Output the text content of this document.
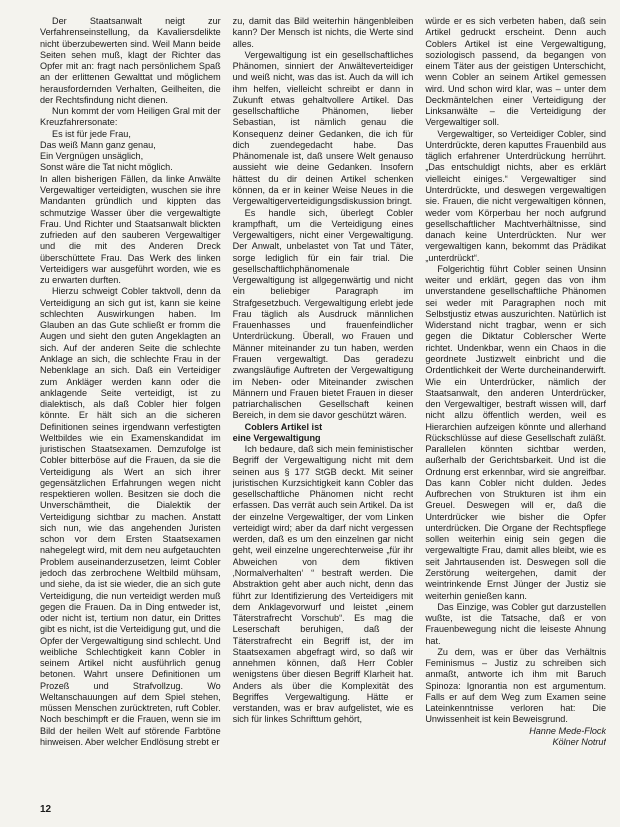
Der Staatsanwalt neigt zur Verfahrenseinstellung, da Kavaliersdelikte nicht überzubewerten sind. Weil Mann beide Seiten sehen muß, klagt der Richter das Opfer mit an: fragt nach persönlichem Spaß an der erlittenen Gewalttat und möglichem herausfordernden Verhalten, Geilheiten, die der Rechtsfindung nicht dienen.

Nun kommt der vom Heiligen Gral mit der Kreuzfahrersonate:

Es ist für jede Frau,
Das weiß Mann ganz genau,
Ein Vergnügen unsäglich,
Sonst wäre die Tat nicht möglich.

In allen bisherigen Fällen, da linke Anwälte Vergewaltiger verteidigten, wuschen sie ihre Mandanten gründlich und kippten das schmutzige Wasser über die vergewaltigte Frau. Und Richter und Staatsanwalt blickten zufrieden auf den sauberen Vergewaltiger und die mit des Anderen Dreck überschüttete Frau. Das Werk des linken Verteidigers war ausgeführt worden, wie es zu erwarten durften.

Hierzu schweigt Cobler taktvoll, denn da Verteidigung an sich gut ist, kann sie keine schlechten Auswirkungen haben. Im Glauben an das Gute schließt er fromm die Augen und sieht den guten Angeklagten an sich. Auf der anderen Seite die schlechte Anklage an sich, die schlechte Frau in der Nebenklage an sich. Daß ein Verteidiger zum Ankläger werden kann oder die anklagende Seite verteidigt, ist zu dialektisch, als daß Cobler hier folgen könnte. Er hält sich an die sicheren Definitionen seines irgendwann verfestigten Weltbildes wie ein Examenskandidat im juristischen Staatsexamen. Demzufolge ist Cobler bitterböse auf die Frauen, da sie die Verteidigung als Wert an sich ihrer gegensätzlichen Erfahrungen wegen nicht respektieren wollen. Besitzen sie doch die Unverschämtheit, die Dialektik der Verteidigung sichtbar zu machen. Anstatt sich nun, wie das angehenden Juristen schon vor dem Ersten Staatsexamen nahegelegt wird, mit dem neu aufgetauchten Problem auseinanderzusetzen, leimt Cobler jedoch das zerbrochene Weltbild mühsam, und siehe, da ist sie wieder, die an sich gute Verteidigung, die nun verteidigt werden muß gegen die Frauen. Da in Ding entweder ist, oder nicht ist, tertium non datur, ein Drittes gibt es nicht, ist die Verteidigung gut, und die Opfer der Vergewaltigung sind schlecht. Und weibliche Schlechtigkeit kann Cobler in seinem Artikel nicht ausführlich genug betonen. Wahrt unsere Definitionen um Prozeß und Strafvollzug. Wo Weltanschauungen auf dem Spiel stehen, müssen Menschen zurücktreten, ruft Cobler. Noch beschimpft er die Frauen, wenn sie im Bild der heilen Welt auf störende Farbtöne hinweisen. Aber welcher Endlösung strebt er

zu, damit das Bild weiterhin hängenbleiben kann? Der Mensch ist nichts, die Werte sind alles.

Vergewaltigung ist ein gesellschaftliches Phänomen, sinniert der Anwälteverteidiger und weiß nicht, was das ist. Auch da will ich ihm helfen, vielleicht schreibt er dann in Zukunft etwas gehaltvollere Artikel. Das gesellschaftliche Phänomen, lieber Sebastian, ist nämlich genau die Konsequenz deiner Gedanken, die ich für dich zuendegedacht habe. Das Phänomenale ist, daß unsere Welt genauso aussieht wie deine Gedanken. Insofern hättest du dir deinen Artikel schenken können, da er in keiner Weise Neues in die Vergewaltigerverteidigungsdiskussion bringt.

Es handle sich, überlegt Cobler krampfhaft, um die Verteidigung eines Vergewaltigers, nicht einer Vergewaltigung. Der Anwalt, unbelastet von Tat und Täter, sorge lediglich für ein fair trial. Die gesellschaftlichphänomenale Vergewaltigung ist allgegenwärtig und nicht ein beliebiger Paragraph im Strafgesetzbuch. Vergewaltigung erlebt jede Frau täglich als Ausdruck männlichen Frauenhasses und frauenfeindlicher Unterdrückung. Überall, wo Frauen und Männer miteinander zu tun haben, werden Frauen vergewaltigt. Das geradezu zwangsläufige Auftreten der Vergewaltigung im Neben- oder Miteinander zwischen Männern und Frauen bietet Frauen in dieser patriarchalischen Gesellschaft keinen Bereich, in dem sie davor geschützt wären.

Coblers Artikel ist
eine Vergewaltigung

Ich bedaure, daß sich mein feministischer Begriff der Vergewaltigung nicht mit dem seinen aus § 177 StGB deckt. Mit seiner juristischen Kurzsichtigkeit kann Cobler das gesellschaftliche Phänomen nicht recht erfassen. Das verrät auch sein Artikel. Da ist der einzelne Vergewaltiger, der vom Linken verteidigt wird; aber da darf nicht vergessen werden, daß es um den einzelnen gar nicht geht, weil einzelne ungerechterweise „für ihr Abweichen von dem fiktiven ‚Normalverhalten‘ “ bestraft werden. Die Abstraktion geht aber auch nicht, denn das führt zur Identifizierung des Verteidigers mit dem Anklagevorwurf und leistet „einem Täterstrafrecht Vorschub“. Es mag die Leserschaft beruhigen, daß der Täterstrafrecht ein Begriff ist, der im Staatsexamen abgefragt wird, so daß wir annehmen können, daß Herr Cobler wenigstens über diesen Begriff Klarheit hat. Anders als über die Komplexität des Begriffes Vergewaltigung. Hätte er verstanden, was er brav aufgelistet, wie es sich für linkes Schrifttum gehört,

würde er es sich verbeten haben, daß sein Artikel gedruckt erscheint. Denn auch Coblers Artikel ist eine Vergewaltigung, soziologisch passend, da begangen von einem Täter aus der geistigen Unterschicht, wenn Cobler an seinem Artikel gemessen wird. Und schon wird klar, was – unter dem Deckmäntelchen einer Verteidigung der Linksanwälte – die Verteidigung der Vergewaltiger soll.

Vergewaltiger, so Verteidiger Cobler, sind Unterdrückte, deren kaputtes Frauenbild aus täglich erfahrener Unterdrückung herrührt. „Das entschuldigt nichts, aber es erklärt vielleicht einiges.“ Vergewaltiger sind Unterdrückte, und deswegen vergewaltigen sie. Frauen, die nicht vergewaltigen können, weder vom Körperbau her noch aufgrund gesellschaftlicher Machtverhältnisse, sind danach keine Unterdrückten. Nur wer vergewaltigen kann, bekommt das Prädikat „unterdrückt“.

Folgerichtig führt Cobler seinen Unsinn weiter und erklärt, gegen das von ihm unverstandene gesellschaftliche Phänomen sei weder mit Paragraphen noch mit Selbstjustiz etwas auszurichten. Natürlich ist Widerstand nicht tragbar, wenn er sich gegen die Diktatur Coblerscher Werte richtet. Undenkbar, wenn ein Chaos in die geordnete Justizwelt einbricht und die Ordentlichkeit der Werte durcheinanderwirft. Wie ein Unterdrücker, nämlich der Staatsanwalt, den anderen Unterdrücker, den Vergewaltiger, bestraft wissen will, darf nicht allzu öffentlich werden, weil es Hierarchien aufzeigen könnte und allerhand Rückschlüsse auf diese Gesellschaft zuläßt. Parallelen könnten sichtbar werden, außerhalb der Gerichtsbarkeit. Und ist die Ordnung erst erkennbar, wird sie angreifbar. Das kann Cobler nicht dulden. Jedes Aufbrechen von Strukturen ist ihm ein Greuel. Deswegen will er, daß die Unterdrücker wie bisher die Opfer unterdrücken. Die Organe der Rechtspflege sollen weiterhin einig sein gegen die vergewaltigte Frau, damit alles bleibt, wie es seit Jahrtausenden ist. Deswegen soll die Zerstörung weitergehen, damit der weintrinkende Ernst Jünger der Justiz sie weiterhin genießen kann.

Das Einzige, was Cobler gut darzustellen wußte, ist die Tatsache, daß er von Frauenbewegung nicht die leiseste Ahnung hat.

Zu dem, was er über das Verhältnis Feminismus – Justiz zu schreiben sich anmaßt, antworte ich ihm mit Baruch Spinoza: Ignorantia non est argumentum. Falls er auf dem Weg zum Examen seine Lateinkenntnisse verloren hat: Die Unwissenheit ist kein Beweisgrund.

Hanne Mede-Flock
Kölner Notruf

12
